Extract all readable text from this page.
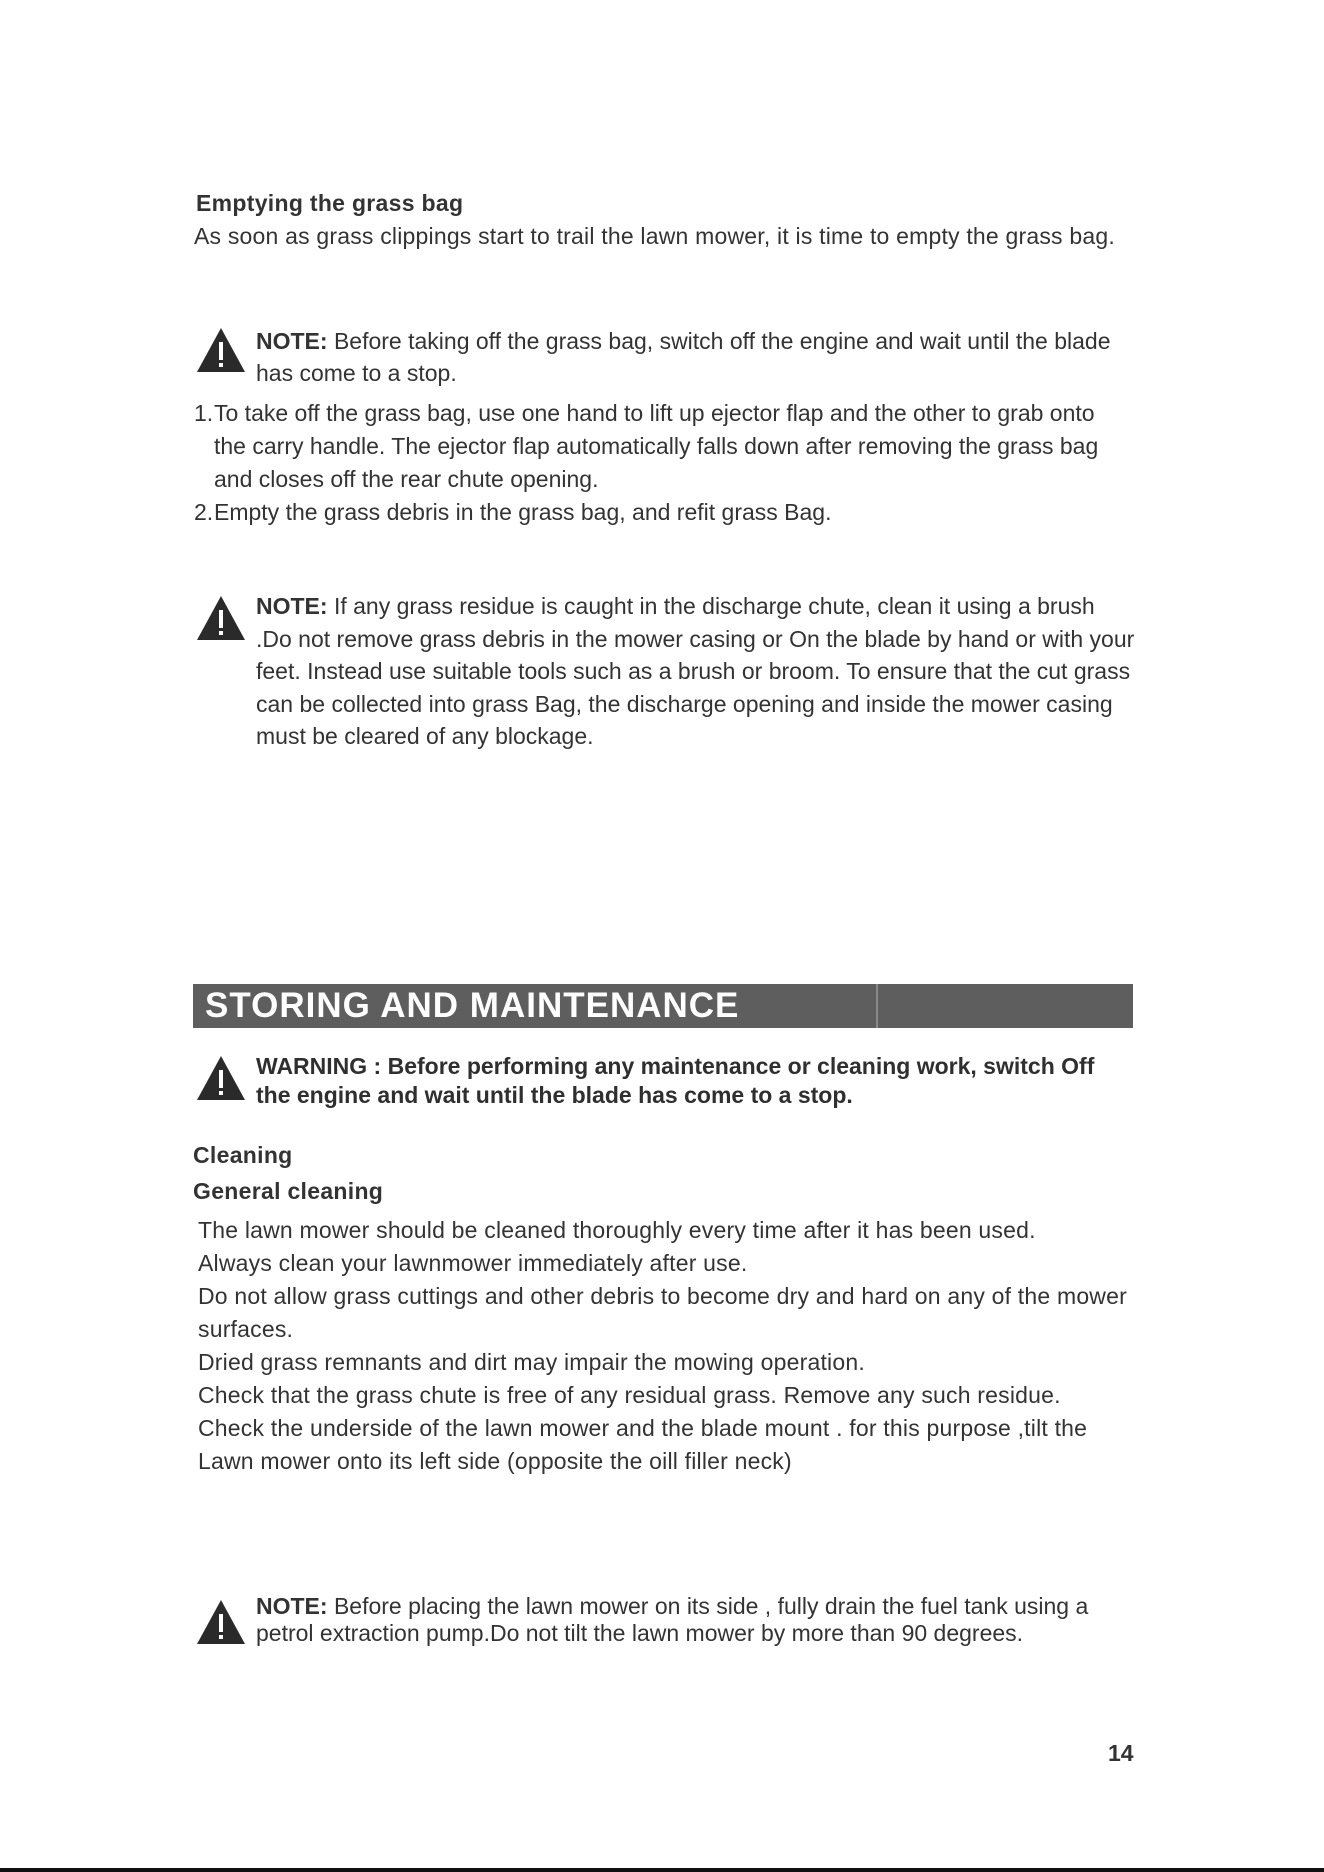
Emptying the grass bag
As soon as grass clippings start to trail the lawn mower, it is time to empty the grass bag.
NOTE: Before taking off the grass bag, switch off the engine and wait until the blade has come to a stop.
1. To take off the grass bag, use one hand to lift up ejector flap and the other to grab onto the carry handle. The ejector flap automatically falls down after removing the grass bag and closes off the rear chute opening.
2. Empty the grass debris in the grass bag, and refit grass Bag.
NOTE: If any grass residue is caught in the discharge chute, clean it using a brush .Do not remove grass debris in the mower casing or On the blade by hand or with your feet. Instead use suitable tools such as a brush or broom. To ensure that the cut grass can be collected into grass Bag, the discharge opening and inside the mower casing must be cleared of any blockage.
STORING AND MAINTENANCE
WARNING : Before performing any maintenance or cleaning work, switch Off the engine and wait until the blade has come to a stop.
Cleaning
General cleaning

The lawn mower should be cleaned thoroughly every time after it has been used.

Always clean your lawnmower immediately after use.

Do not allow grass cuttings and other debris to become dry and hard on any of the mower surfaces.

Dried grass remnants and dirt may impair the mowing operation.

Check that the grass chute is free of any residual grass. Remove any such residue.

Check the underside of the lawn mower and the blade mount . for this purpose ,tilt the Lawn mower onto its left side (opposite the oill filler neck)

NOTE: Before placing the lawn mower on its side , fully drain the fuel tank using a petrol extraction pump.Do not tilt the lawn mower by more than 90 degrees.
14
